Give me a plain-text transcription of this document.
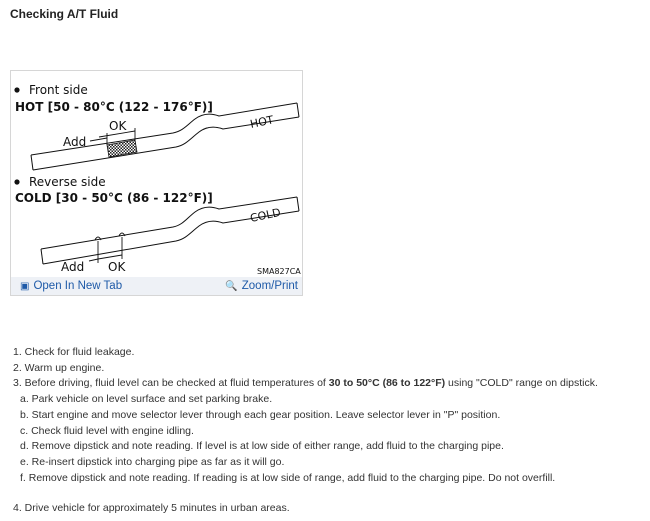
Checking A/T Fluid
Front side
HOT [50 - 80°C (122 - 176°F)]
HOT
Add
OK
Reverse side
COLD [30 - 50°C (86 - 122°F)]
COLD
Add OK	SMA827CA
▣ Open In New Tab	🔍 Zoom/Print
1. Check for fluid leakage.
2. Warm up engine.
3. Before driving, fluid level can be checked at fluid temperatures of 30 to 50°C (86 to 122°F) using "COLD" range on dipstick.
a. Park vehicle on level surface and set parking brake.
b. Start engine and move selector lever through each gear position. Leave selector lever in "P" position.
c. Check fluid level with engine idling.
d. Remove dipstick and note reading. If level is at low side of either range, add fluid to the charging pipe.
e. Re-insert dipstick into charging pipe as far as it will go.
f. Remove dipstick and note reading. If reading is at low side of range, add fluid to the charging pipe. Do not overfill.
4. Drive vehicle for approximately 5 minutes in urban areas.
